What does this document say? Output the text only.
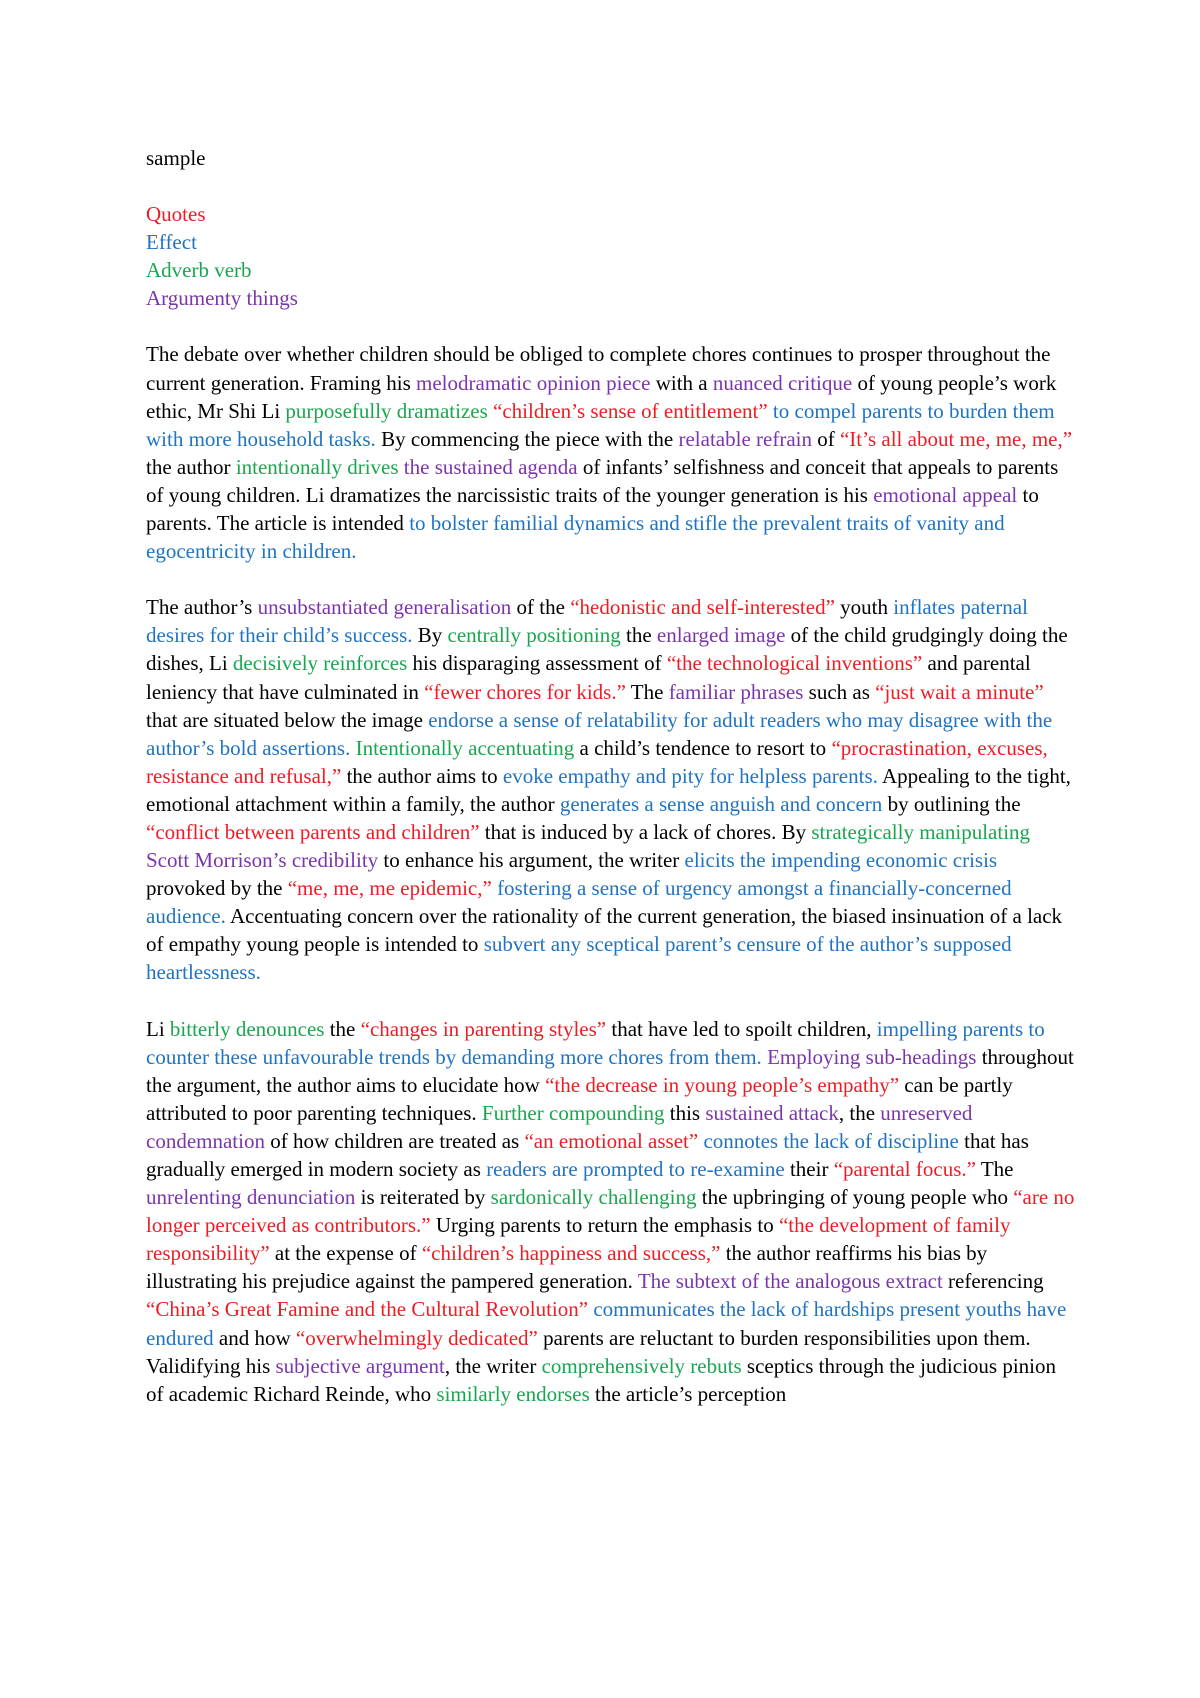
sample
Quotes
Effect
Adverb verb
Argumenty things

The debate over whether children should be obliged to complete chores continues to prosper throughout the current generation. Framing his melodramatic opinion piece with a nuanced critique of young people’s work ethic, Mr Shi Li purposefully dramatizes “children’s sense of entitlement” to compel parents to burden them with more household tasks. By commencing the piece with the relatable refrain of “It’s all about me, me, me,” the author intentionally drives the sustained agenda of infants’ selfishness and conceit that appeals to parents of young children. Li dramatizes the narcissistic traits of the younger generation is his emotional appeal to parents. The article is intended to bolster familial dynamics and stifle the prevalent traits of vanity and egocentricity in children.

The author’s unsubstantiated generalisation of the “hedonistic and self-interested” youth inflates paternal desires for their child’s success. By centrally positioning the enlarged image of the child grudgingly doing the dishes, Li decisively reinforces his disparaging assessment of “the technological inventions” and parental leniency that have culminated in “fewer chores for kids.” The familiar phrases such as “just wait a minute” that are situated below the image endorse a sense of relatability for adult readers who may disagree with the author’s bold assertions. Intentionally accentuating a child’s tendence to resort to “procrastination, excuses, resistance and refusal,” the author aims to evoke empathy and pity for helpless parents. Appealing to the tight, emotional attachment within a family, the author generates a sense anguish and concern by outlining the “conflict between parents and children” that is induced by a lack of chores. By strategically manipulating Scott Morrison’s credibility to enhance his argument, the writer elicits the impending economic crisis provoked by the “me, me, me epidemic,” fostering a sense of urgency amongst a financially-concerned audience. Accentuating concern over the rationality of the current generation, the biased insinuation of a lack of empathy young people is intended to subvert any sceptical parent’s censure of the author’s supposed heartlessness.

Li bitterly denounces the “changes in parenting styles” that have led to spoilt children, impelling parents to counter these unfavourable trends by demanding more chores from them. Employing sub-headings throughout the argument, the author aims to elucidate how “the decrease in young people’s empathy” can be partly attributed to poor parenting techniques. Further compounding this sustained attack, the unreserved condemnation of how children are treated as “an emotional asset” connotes the lack of discipline that has gradually emerged in modern society as readers are prompted to re-examine their “parental focus.” The unrelenting denunciation is reiterated by sardonically challenging the upbringing of young people who “are no longer perceived as contributors.” Urging parents to return the emphasis to “the development of family responsibility” at the expense of “children’s happiness and success,” the author reaffirms his bias by illustrating his prejudice against the pampered generation. The subtext of the analogous extract referencing “China’s Great Famine and the Cultural Revolution” communicates the lack of hardships present youths have endured and how “overwhelmingly dedicated” parents are reluctant to burden responsibilities upon them. Validifying his subjective argument, the writer comprehensively rebuts sceptics through the judicious pinion of academic Richard Reinde, who similarly endorses the article’s perception
